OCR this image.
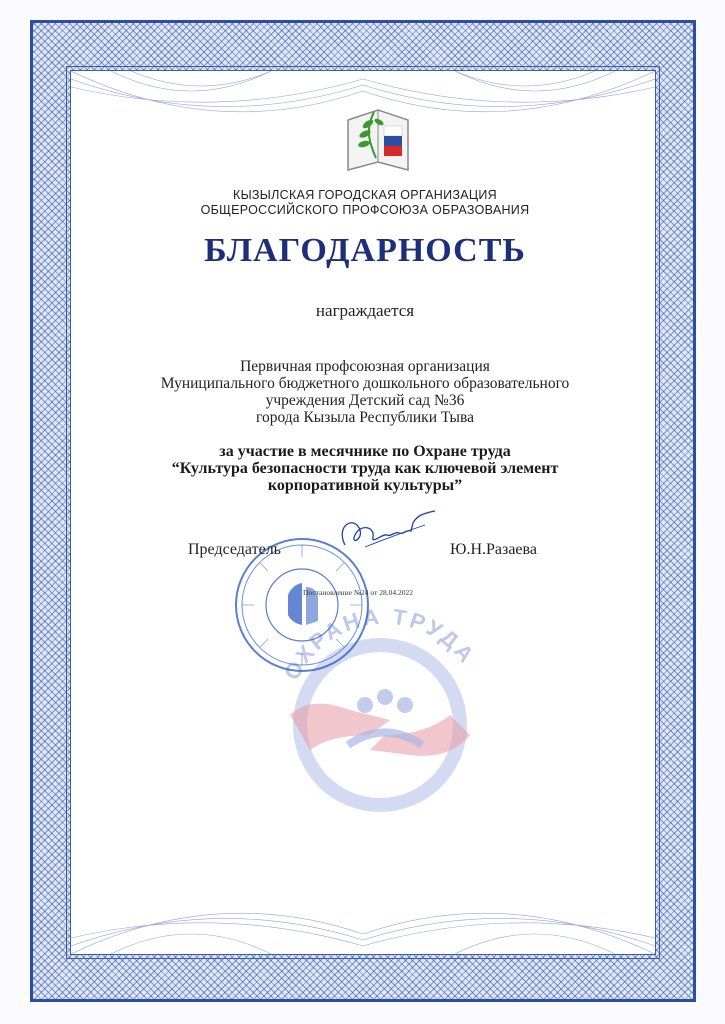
КЫЗЫЛСКАЯ ГОРОДСКАЯ ОРГАНИЗАЦИЯ
ОБЩЕРОССИЙСКОГО ПРОФСОЮЗА ОБРАЗОВАНИЯ
БЛАГОДАРНОСТЬ
награждается
Первичная профсоюзная организация
Муниципального бюджетного дошкольного образовательного
учреждения Детский сад №36
города Кызыла Республики Тыва
за участие в месячнике по Охране труда
“Культура безопасности труда как ключевой элемент
корпоративной культуры”
ОХРАНА ТРУДА
Постановление №24 от 28.04.2022
Председатель	Ю.Н.Разаева
